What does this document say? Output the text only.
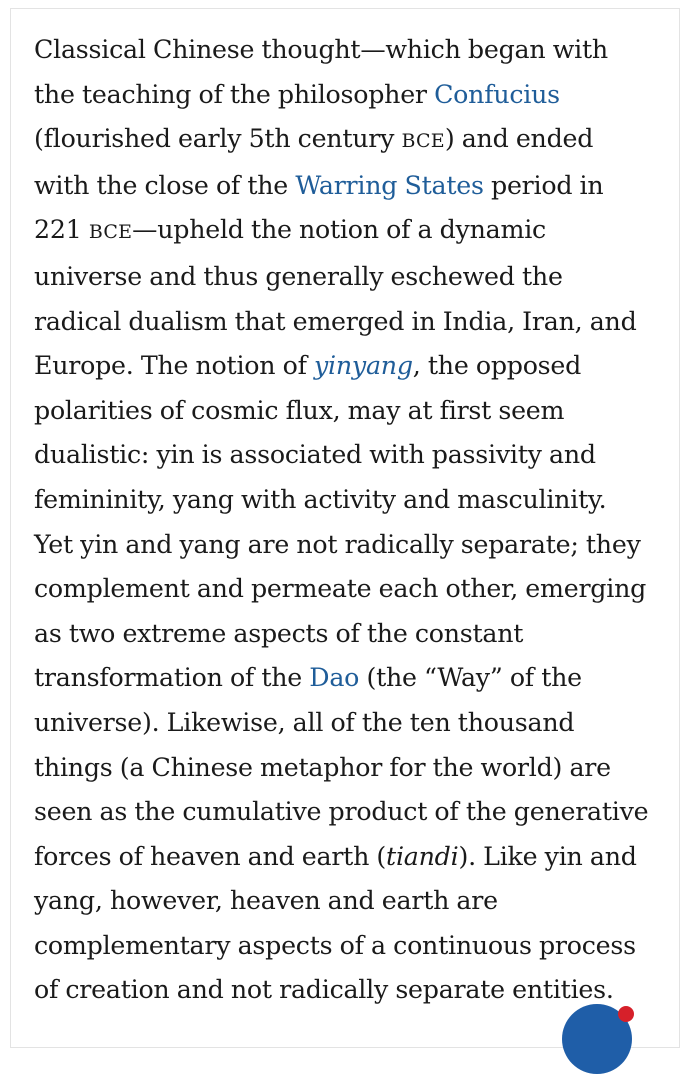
Classical Chinese thought—which began with
the teaching of the philosopher Confucius
(flourished early 5th century BCE) and ended
with the close of the Warring States period in
221 BCE—upheld the notion of a dynamic
universe and thus generally eschewed the
radical dualism that emerged in India, Iran, and
Europe. The notion of yinyang, the opposed
polarities of cosmic flux, may at first seem
dualistic: yin is associated with passivity and
femininity, yang with activity and masculinity.
Yet yin and yang are not radically separate; they
complement and permeate each other, emerging
as two extreme aspects of the constant
transformation of the Dao (the “Way” of the
universe). Likewise, all of the ten thousand
things (a Chinese metaphor for the world) are
seen as the cumulative product of the generative
forces of heaven and earth (tiandi). Like yin and
yang, however, heaven and earth are
complementary aspects of a continuous process
of creation and not radically separate entities.
